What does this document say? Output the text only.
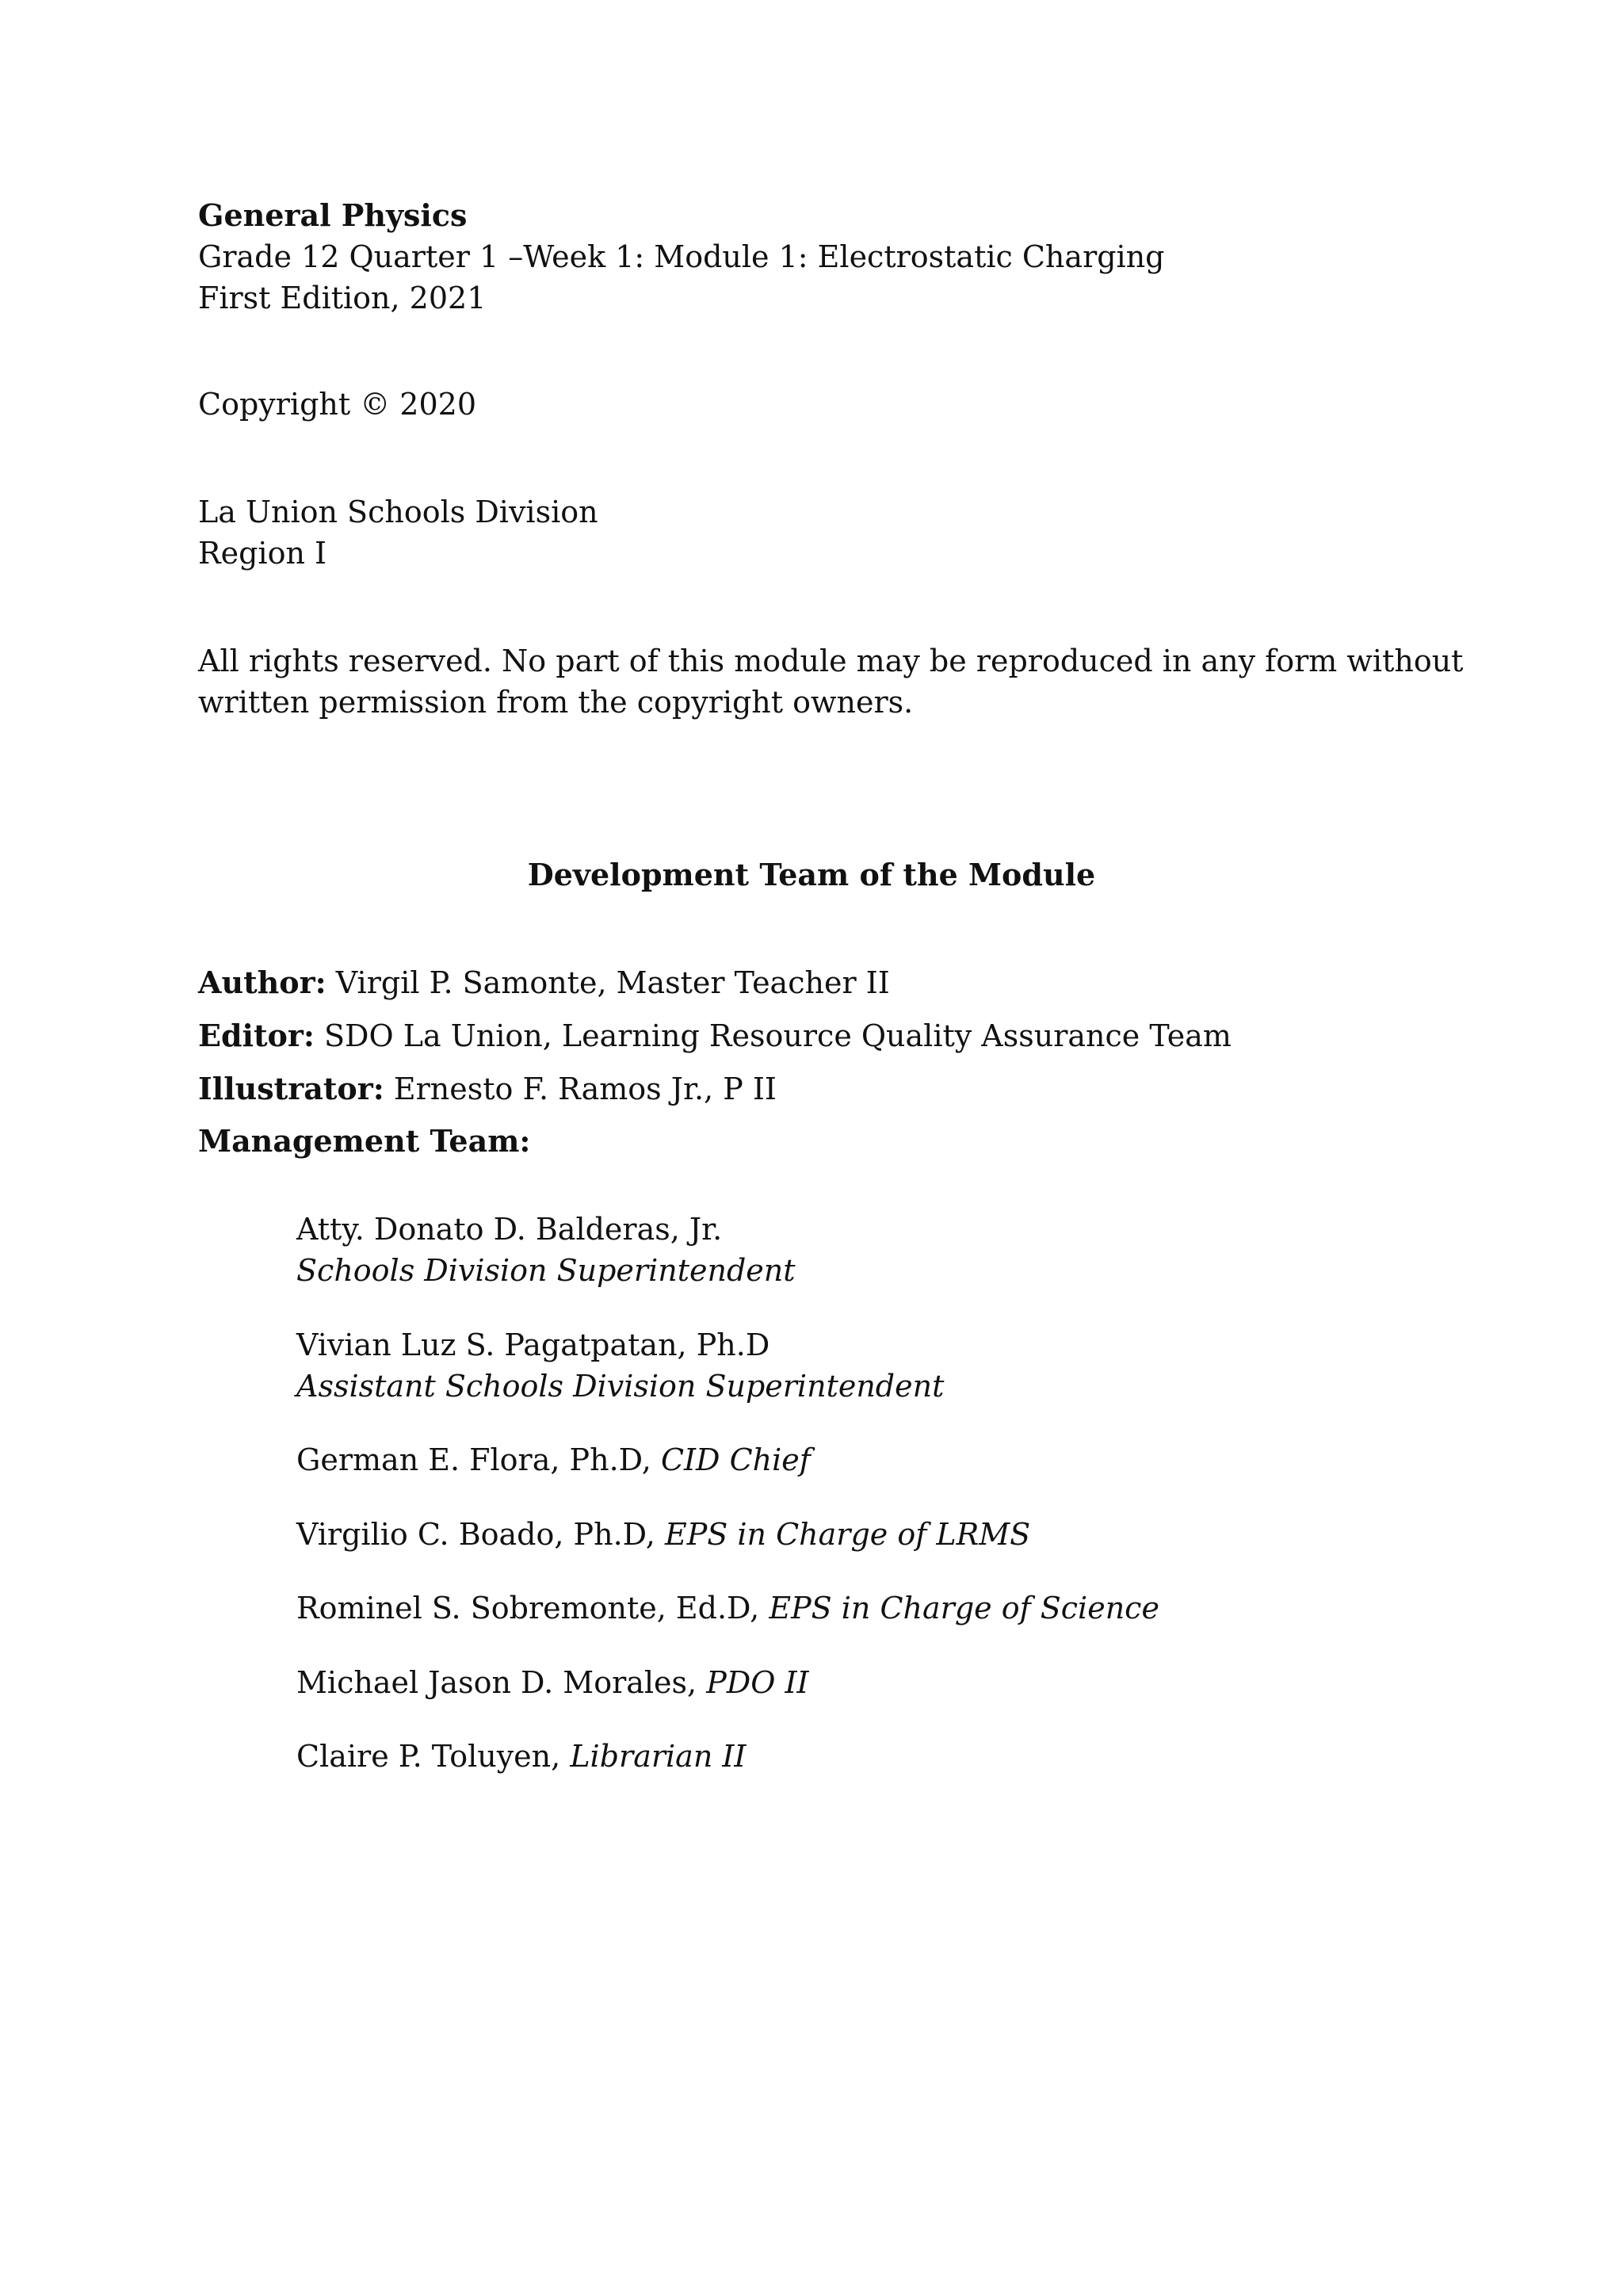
General Physics
Grade 12 Quarter 1 –Week 1: Module 1: Electrostatic Charging
First Edition, 2021
Copyright © 2020
La Union Schools Division
Region I
All rights reserved. No part of this module may be reproduced in any form without
written permission from the copyright owners.
Development Team of the Module
Author: Virgil P. Samonte, Master Teacher II
Editor: SDO La Union, Learning Resource Quality Assurance Team
Illustrator: Ernesto F. Ramos Jr., P II
Management Team:
Atty. Donato D. Balderas, Jr.
Schools Division Superintendent
Vivian Luz S. Pagatpatan, Ph.D
Assistant Schools Division Superintendent
German E. Flora, Ph.D, CID Chief
Virgilio C. Boado, Ph.D, EPS in Charge of LRMS
Rominel S. Sobremonte, Ed.D, EPS in Charge of Science
Michael Jason D. Morales, PDO II
Claire P. Toluyen, Librarian II
